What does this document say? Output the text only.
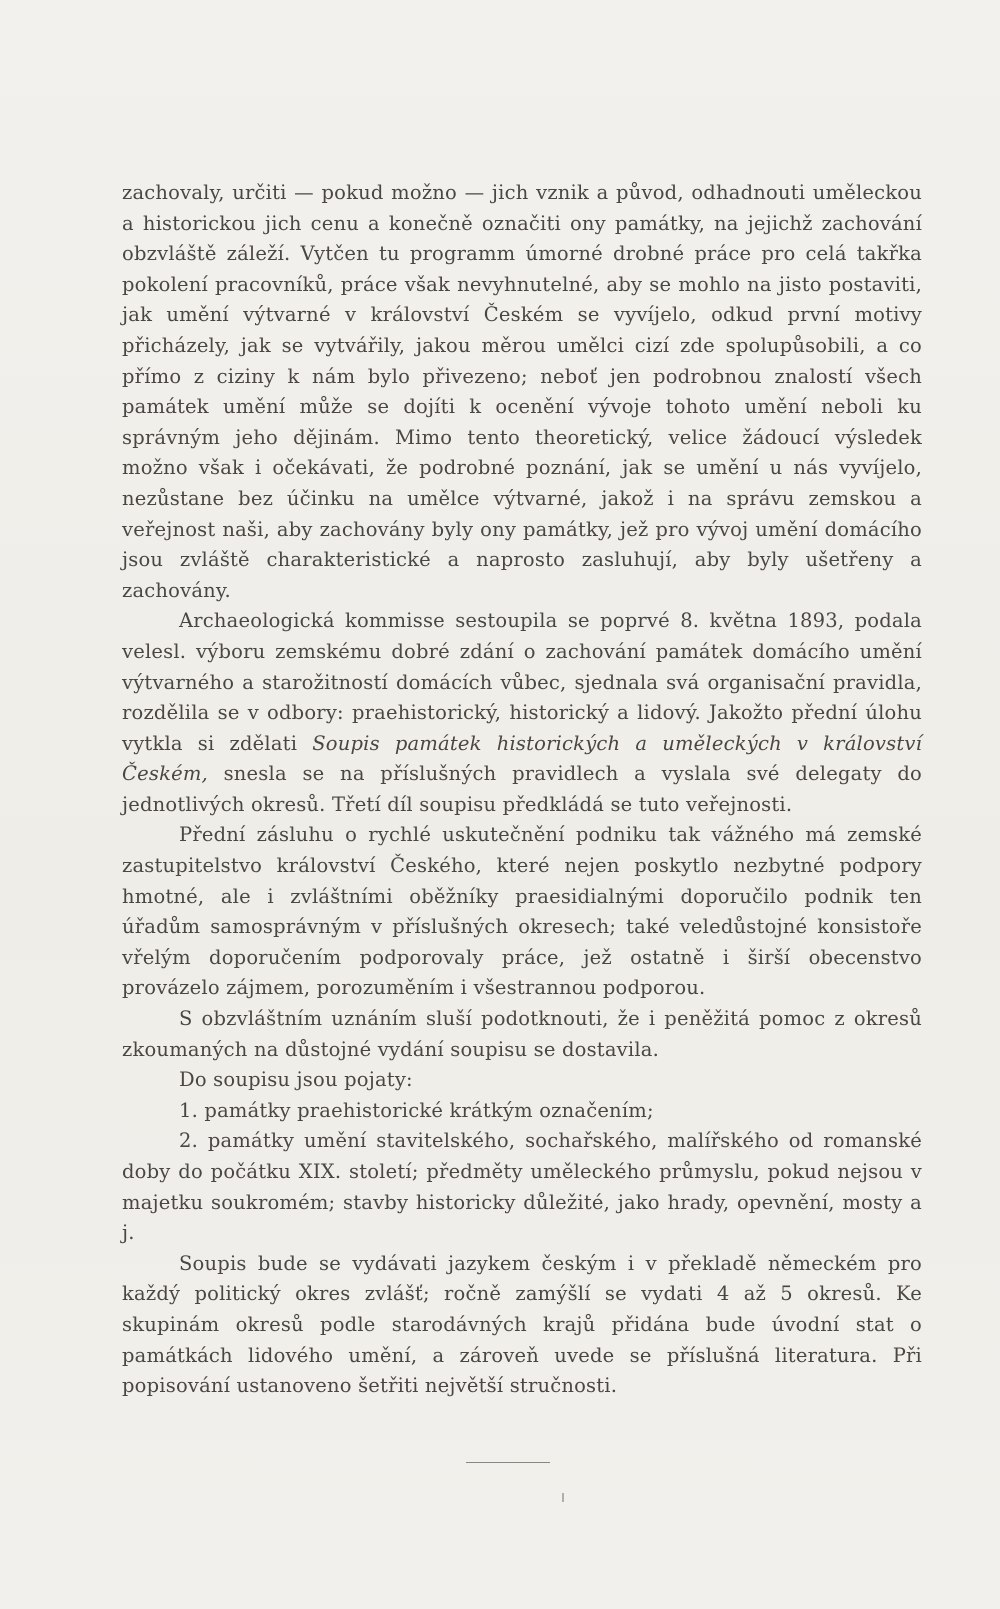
zachovaly, určiti — pokud možno — jich vznik a původ, odhadnouti uměleckou a historickou jich cenu a konečně označiti ony památky, na jejichž zachování obzvláště záleží. Vytčen tu programm úmorné drobné práce pro celá takřka pokolení pracovníků, práce však nevyhnutelné, aby se mohlo na jisto postaviti, jak umění výtvarné v království Českém se vyvíjelo, odkud první motivy přicházely, jak se vytvářily, jakou měrou umělci cizí zde spolupůsobili, a co přímo z ciziny k nám bylo přivezeno; neboť jen podrobnou znalostí všech památek umění může se dojíti k ocenění vývoje tohoto umění neboli ku správným jeho dějinám. Mimo tento theoretický, velice žádoucí výsledek možno však i očekávati, že podrobné poznání, jak se umění u nás vyvíjelo, nezůstane bez účinku na umělce výtvarné, jakož i na správu zemskou a veřejnost naši, aby zachovány byly ony památky, jež pro vývoj umění domácího jsou zvláště charakteristické a naprosto zasluhují, aby byly ušetřeny a zachovány.

Archaeologická kommisse sestoupila se poprvé 8. května 1893, podala velesl. výboru zemskému dobré zdání o zachování památek domácího umění výtvarného a starožitností domácích vůbec, sjednala svá organisační pravidla, rozdělila se v odbory: praehistorický, historický a lidový. Jakožto přední úlohu vytkla si zdělati Soupis památek historických a uměleckých v království Českém, snesla se na příslušných pravidlech a vyslala své delegaty do jednotlivých okresů. Třetí díl soupisu předkládá se tuto veřejnosti.

Přední zásluhu o rychlé uskutečnění podniku tak vážného má zemské zastupitelstvo království Českého, které nejen poskytlo nezbytné podpory hmotné, ale i zvláštními oběžníky praesidialnými doporučilo podnik ten úřadům samosprávným v příslušných okresech; také veledůstojné konsistoře vřelým doporučením podporovaly práce, jež ostatně i širší obecenstvo provázelo zájmem, porozuměním i všestrannou podporou.

S obzvláštním uznáním sluší podotknouti, že i peněžitá pomoc z okresů zkoumaných na důstojné vydání soupisu se dostavila.

Do soupisu jsou pojaty:

1. památky praehistorické krátkým označením;

2. památky umění stavitelského, sochařského, malířského od romanské doby do počátku XIX. století; předměty uměleckého průmyslu, pokud nejsou v majetku soukromém; stavby historicky důležité, jako hrady, opevnění, mosty a j.

Soupis bude se vydávati jazykem českým i v překladě německém pro každý politický okres zvlášť; ročně zamýšlí se vydati 4 až 5 okresů. Ke skupinám okresů podle starodávných krajů přidána bude úvodní stat o památkách lidového umění, a zároveň uvede se příslušná literatura. Při popisování ustanoveno šetřiti největší stručnosti.
